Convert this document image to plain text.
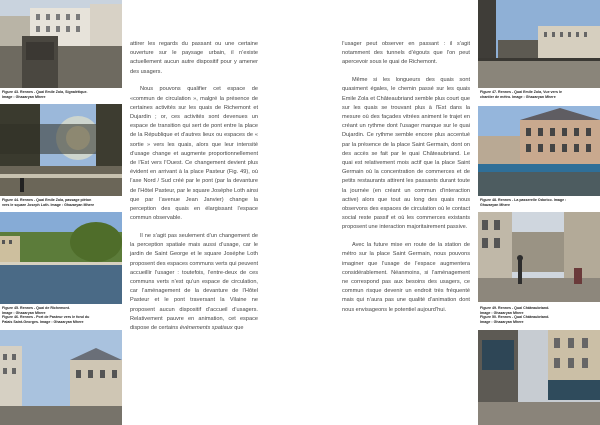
Figure 43. Rennes - Quai Emile Zola, Signalétique.
Image : Ghazaryan Mhere
Figure 44. Rennes - Quai Emile Zola, passage piéton
vers le square Joseph Loth. Image : Ghazaryan Mhere
Figure 45. Rennes - Quai de Richemont.
Image : Ghazaryan Mhere
Figure 46. Rennes - Port de Pasteur vers le fond du
Palais Saint-Georges. Image : Ghazaryan Mhere

attirer les regards du passant ou une certaine ouverture sur le paysage urbain, il n’existe actuellement aucun autre dispositif pour y amener des usagers.

Nous pouvons qualifier cet espace de «commun de circulation », malgré la présence de certaines activités sur les quais de Richemont et Dujardin ; or, ces activités sont devenues un espace de transition qui sert de pont entre la place de la République et d’autres lieux ou espaces de « sortie » vers les quais, alors que leur intensité d’usage change et augmente proportionnellement de l’Est vers l’Ouest. Ce changement devient plus évident en arrivant à la place Pasteur (Fig. 49), où l’axe Nord / Sud créé par le pont (par la devanture de l’Hôtel Pasteur, par le square Joséphe Loth ainsi que par l’avenue Jean Janvier) change la perception des quais en élargissant l’espace commun observable.

Il ne s’agit pas seulement d’un changement de la perception spatiale mais aussi d’usage, car le jardin de Saint George et le square Joséphe Loth proposent des espaces communs verts qui peuvent accueillir l’usager : toutefois, l’entre-deux de ces communs verts n’est qu’un espace de circulation, car l’aménagement de la devanture de l’Hôtel Pasteur et le pont traversant la Vilaine ne proposent aucun dispositif d’accueil d’usagers. Relativement pauvre en animation, cet espace dispose de certains événements spatiaux que

l’usager peut observer en passant : il s’agit notamment des tunnels d’égouts que l’on peut apercevoir sous le quai de Richemont.

Même si les longueurs des quais sont quasiment égales, le chemin passé sur les quais Emile Zola et Châteaubriand semble plus court que sur les quais se trouvant plus à l’Est dans la mesure où des façades vitrées animent le trajet en créant un rythme dont l’usager manque sur le quai Dujardin. Ce rythme semble encore plus accentué par la présence de la place Saint Germain, dont on des accès se fait par le quai Châteaubriand. Le quai est relativement mois actif que la place Saint Germain où la concentration de commerces et de petits restaurants attirent les passants durant toute la journée (en créant un commun d’interaction active) alors que tout au long des quais nous observons des espaces de circulation où le contact social reste passif et où les commerces existants proposent une interaction majoritairement passive.

Avec la future mise en route de la station de métro sur la place Saint Germain, nous pouvons imaginer que l’usage de l’espace augmentera considérablement. Néanmoins, si l’aménagement ne correspond pas aux besoins des usagers, ce commun risque devenir un endroit très fréquenté mais qui n’aura pas une qualité d’animation dont nous envisageons le potentiel aujourd’hui.

Figure 47. Rennes - Quai Emile Zola, Vue vers le
chantier de métro. Image : Ghazaryan Mhere
Figure 48. Rennes - La passerelle Odorico. Image :
Ghazaryan Mhere
Figure 49. Rennes - Quai Châteaubriand.
Image : Ghazaryan Mhere
Figure 50. Rennes - Quai Châteaubriand.
Image : Ghazaryan Mhere
